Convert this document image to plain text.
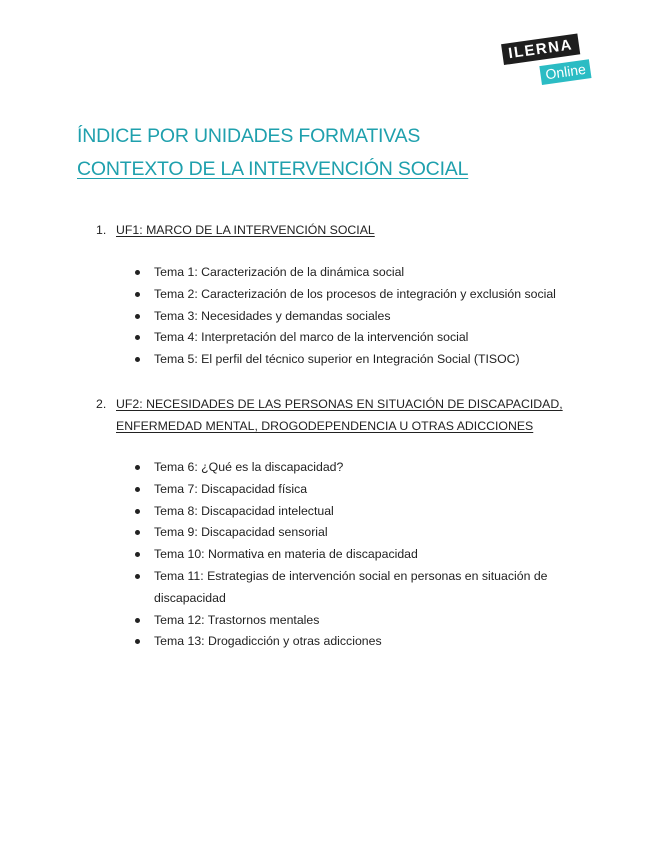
ILERNA
Online
ÍNDICE POR UNIDADES FORMATIVAS
CONTEXTO DE LA INTERVENCIÓN SOCIAL
1. UF1: MARCO DE LA INTERVENCIÓN SOCIAL
Tema 1: Caracterización de la dinámica social
Tema 2: Caracterización de los procesos de integración y exclusión social
Tema 3: Necesidades y demandas sociales
Tema 4: Interpretación del marco de la intervención social
Tema 5: El perfil del técnico superior en Integración Social (TISOC)
2. UF2: NECESIDADES DE LAS PERSONAS EN SITUACIÓN DE DISCAPACIDAD, ENFERMEDAD MENTAL, DROGODEPENDENCIA U OTRAS ADICCIONES
Tema 6: ¿Qué es la discapacidad?
Tema 7: Discapacidad física
Tema 8: Discapacidad intelectual
Tema 9: Discapacidad sensorial
Tema 10: Normativa en materia de discapacidad
Tema 11: Estrategias de intervención social en personas en situación de discapacidad
Tema 12: Trastornos mentales
Tema 13: Drogadicción y otras adicciones
